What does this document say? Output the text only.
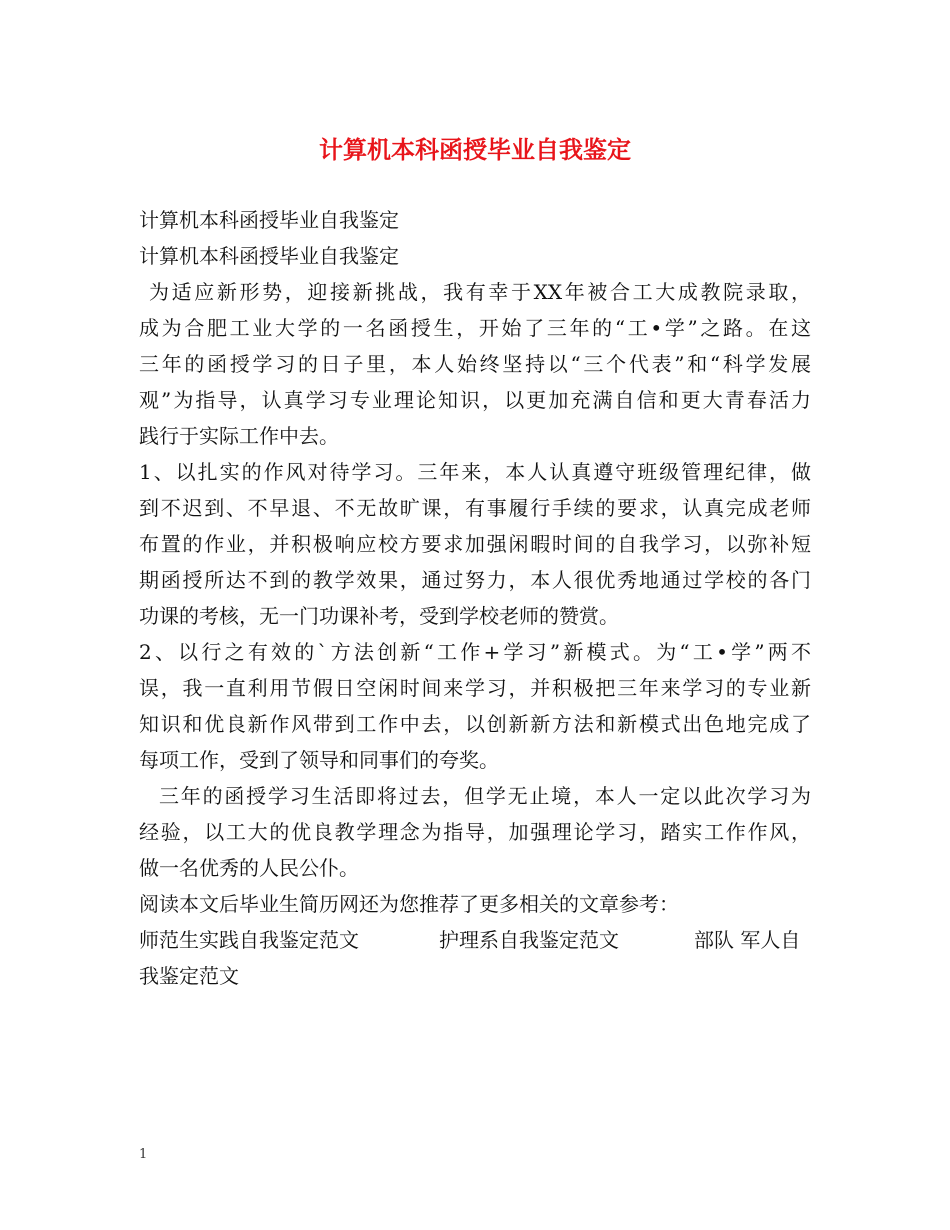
计算机本科函授毕业自我鉴定
计算机本科函授毕业自我鉴定
计算机本科函授毕业自我鉴定
为适应新形势，迎接新挑战，我有幸于XX年被合工大成教院录取，
成为合肥工业大学的一名函授生，开始了三年的“工•学”之路。在这
三年的函授学习的日子里，本人始终坚持以“三个代表”和“科学发展
观”为指导，认真学习专业理论知识，以更加充满自信和更大青春活力
践行于实际工作中去。
1、以扎实的作风对待学习。三年来，本人认真遵守班级管理纪律，做
到不迟到、不早退、不无故旷课，有事履行手续的要求，认真完成老师
布置的作业，并积极响应校方要求加强闲暇时间的自我学习，以弥补短
期函授所达不到的教学效果，通过努力，本人很优秀地通过学校的各门
功课的考核，无一门功课补考，受到学校老师的赞赏。
2、以行之有效的`方法创新“工作+学习”新模式。为“工•学”两不
误，我一直利用节假日空闲时间来学习，并积极把三年来学习的专业新
知识和优良新作风带到工作中去，以创新新方法和新模式出色地完成了
每项工作，受到了领导和同事们的夸奖。
三年的函授学习生活即将过去，但学无止境，本人一定以此次学习为
经验，以工大的优良教学理念为指导，加强理论学习，踏实工作作风，
做一名优秀的人民公仆。
阅读本文后毕业生简历网还为您推荐了更多相关的文章参考：
师范生实践自我鉴定范文	护理系自我鉴定范文	部队 军人自
我鉴定范文
1
